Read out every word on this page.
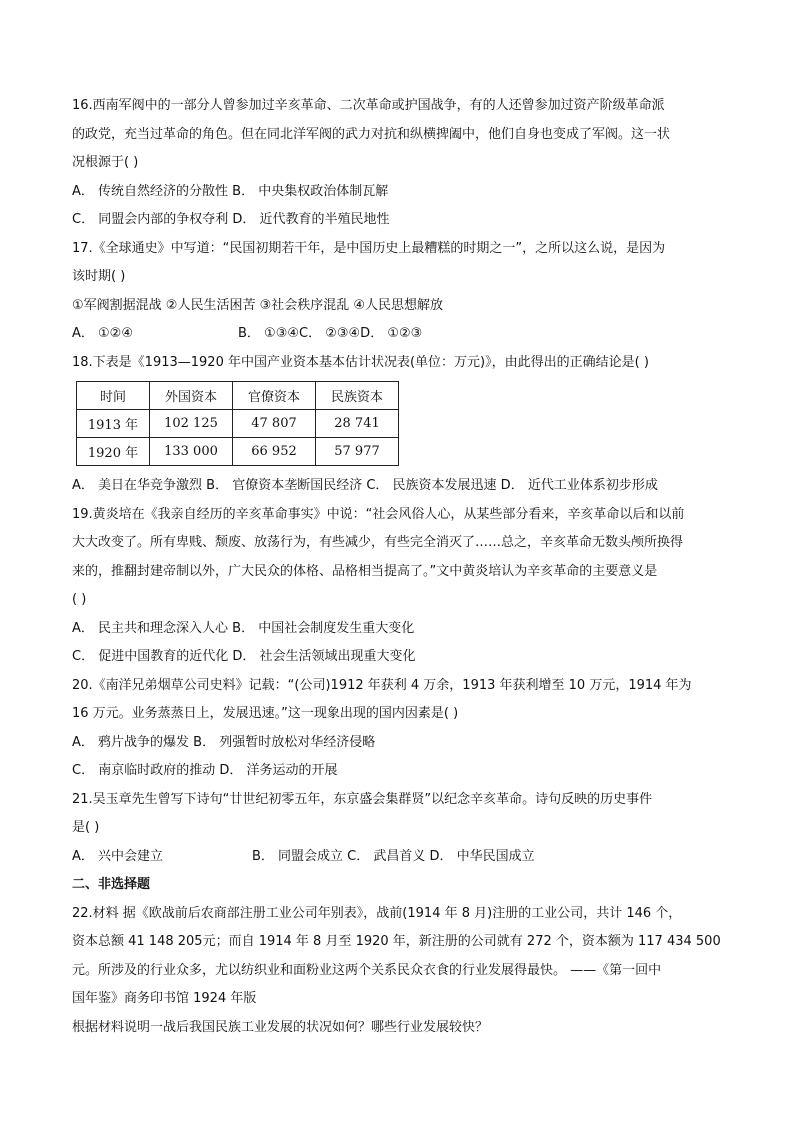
16.西南军阀中的一部分人曾参加过辛亥革命、二次革命或护国战争，有的人还曾参加过资产阶级革命派

的政党，充当过革命的角色。但在同北洋军阀的武力对抗和纵横捭阖中，他们自身也变成了军阀。这一状

况根源于( )

A． 传统自然经济的分散性 B． 中央集权政治体制瓦解

C． 同盟会内部的争权夺利 D． 近代教育的半殖民地性

17.《全球通史》中写道：“民国初期若干年，是中国历史上最糟糕的时期之一”，之所以这么说，是因为

该时期( )

①军阀割据混战 ②人民生活困苦 ③社会秩序混乱 ④人民思想解放

A． ①②④	B． ①③④C． ②③④D． ①②③

18.下表是《1913—1920 年中国产业资本基本估计状况表(单位：万元)》，由此得出的正确结论是( )

时间	外国资本	官僚资本	民族资本
1913 年	102 125	47 807	28 741
1920 年	133 000	66 952	57 977

A． 美日在华竞争激烈 B． 官僚资本垄断国民经济 C． 民族资本发展迅速 D． 近代工业体系初步形成

19.黄炎培在《我亲自经历的辛亥革命事实》中说：“社会风俗人心，从某些部分看来，辛亥革命以后和以前

大大改变了。所有卑贱、颓废、放荡行为，有些减少，有些完全消灭了……总之，辛亥革命无数头颅所换得

来的，推翻封建帝制以外，广大民众的体格、品格相当提高了。”文中黄炎培认为辛亥革命的主要意义是

( )

A． 民主共和理念深入人心 B． 中国社会制度发生重大变化

C． 促进中国教育的近代化 D． 社会生活领域出现重大变化

20.《南洋兄弟烟草公司史料》记载：“(公司)1912 年获利 4 万余，1913 年获利增至 10 万元，1914 年为

16 万元。业务蒸蒸日上，发展迅速。”这一现象出现的国内因素是( )

A． 鸦片战争的爆发 B． 列强暂时放松对华经济侵略

C． 南京临时政府的推动 D． 洋务运动的开展

21.吴玉章先生曾写下诗句“廿世纪初零五年，东京盛会集群贤”以纪念辛亥革命。诗句反映的历史事件

是( )

A． 兴中会建立	B． 同盟会成立 C． 武昌首义 D． 中华民国成立

二、非选择题

22.材料 据《欧战前后农商部注册工业公司年别表》，战前(1914 年 8 月)注册的工业公司，共计 146 个，

资本总额 41 148 205元；而自 1914 年 8 月至 1920 年，新注册的公司就有 272 个，资本额为 117 434 500

元。所涉及的行业众多，尤以纺织业和面粉业这两个关系民众衣食的行业发展得最快。 ——《第一回中

国年鉴》商务印书馆 1924 年版

根据材料说明一战后我国民族工业发展的状况如何？哪些行业发展较快？
